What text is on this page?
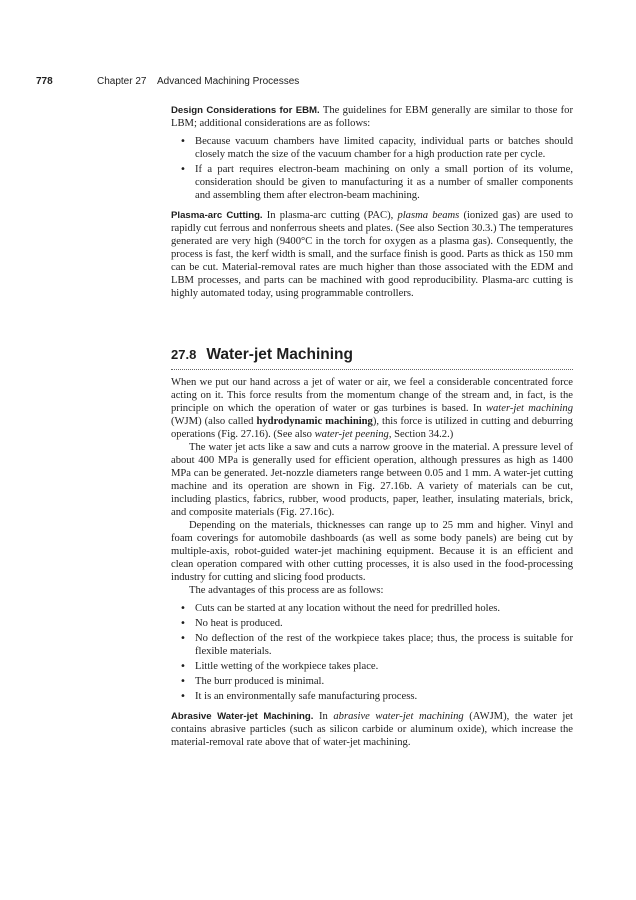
778	Chapter 27 Advanced Machining Processes

Design Considerations for EBM. The guidelines for EBM generally are similar to those for LBM; additional considerations are as follows:

• Because vacuum chambers have limited capacity, individual parts or batches should closely match the size of the vacuum chamber for a high production rate per cycle.
• If a part requires electron-beam machining on only a small portion of its volume, consideration should be given to manufacturing it as a number of smaller components and assembling them after electron-beam machining.

Plasma-arc Cutting. In plasma-arc cutting (PAC), plasma beams (ionized gas) are used to rapidly cut ferrous and nonferrous sheets and plates. (See also Section 30.3.) The temperatures generated are very high (9400°C in the torch for oxygen as a plasma gas). Consequently, the process is fast, the kerf width is small, and the surface finish is good. Parts as thick as 150 mm can be cut. Material-removal rates are much higher than those associated with the EDM and LBM processes, and parts can be machined with good reproducibility. Plasma-arc cutting is highly automated today, using programmable controllers.

27.8 Water-jet Machining

When we put our hand across a jet of water or air, we feel a considerable concentrated force acting on it. This force results from the momentum change of the stream and, in fact, is the principle on which the operation of water or gas turbines is based. In water-jet machining (WJM) (also called hydrodynamic machining), this force is utilized in cutting and deburring operations (Fig. 27.16). (See also water-jet peening, Section 34.2.)

The water jet acts like a saw and cuts a narrow groove in the material. A pressure level of about 400 MPa is generally used for efficient operation, although pressures as high as 1400 MPa can be generated. Jet-nozzle diameters range between 0.05 and 1 mm. A water-jet cutting machine and its operation are shown in Fig. 27.16b. A variety of materials can be cut, including plastics, fabrics, rubber, wood products, paper, leather, insulating materials, brick, and composite materials (Fig. 27.16c).

Depending on the materials, thicknesses can range up to 25 mm and higher. Vinyl and foam coverings for automobile dashboards (as well as some body panels) are being cut by multiple-axis, robot-guided water-jet machining equipment. Because it is an efficient and clean operation compared with other cutting processes, it is also used in the food-processing industry for cutting and slicing food products.

The advantages of this process are as follows:

• Cuts can be started at any location without the need for predrilled holes.
• No heat is produced.
• No deflection of the rest of the workpiece takes place; thus, the process is suitable for flexible materials.
• Little wetting of the workpiece takes place.
• The burr produced is minimal.
• It is an environmentally safe manufacturing process.

Abrasive Water-jet Machining. In abrasive water-jet machining (AWJM), the water jet contains abrasive particles (such as silicon carbide or aluminum oxide), which increase the material-removal rate above that of water-jet machining.
